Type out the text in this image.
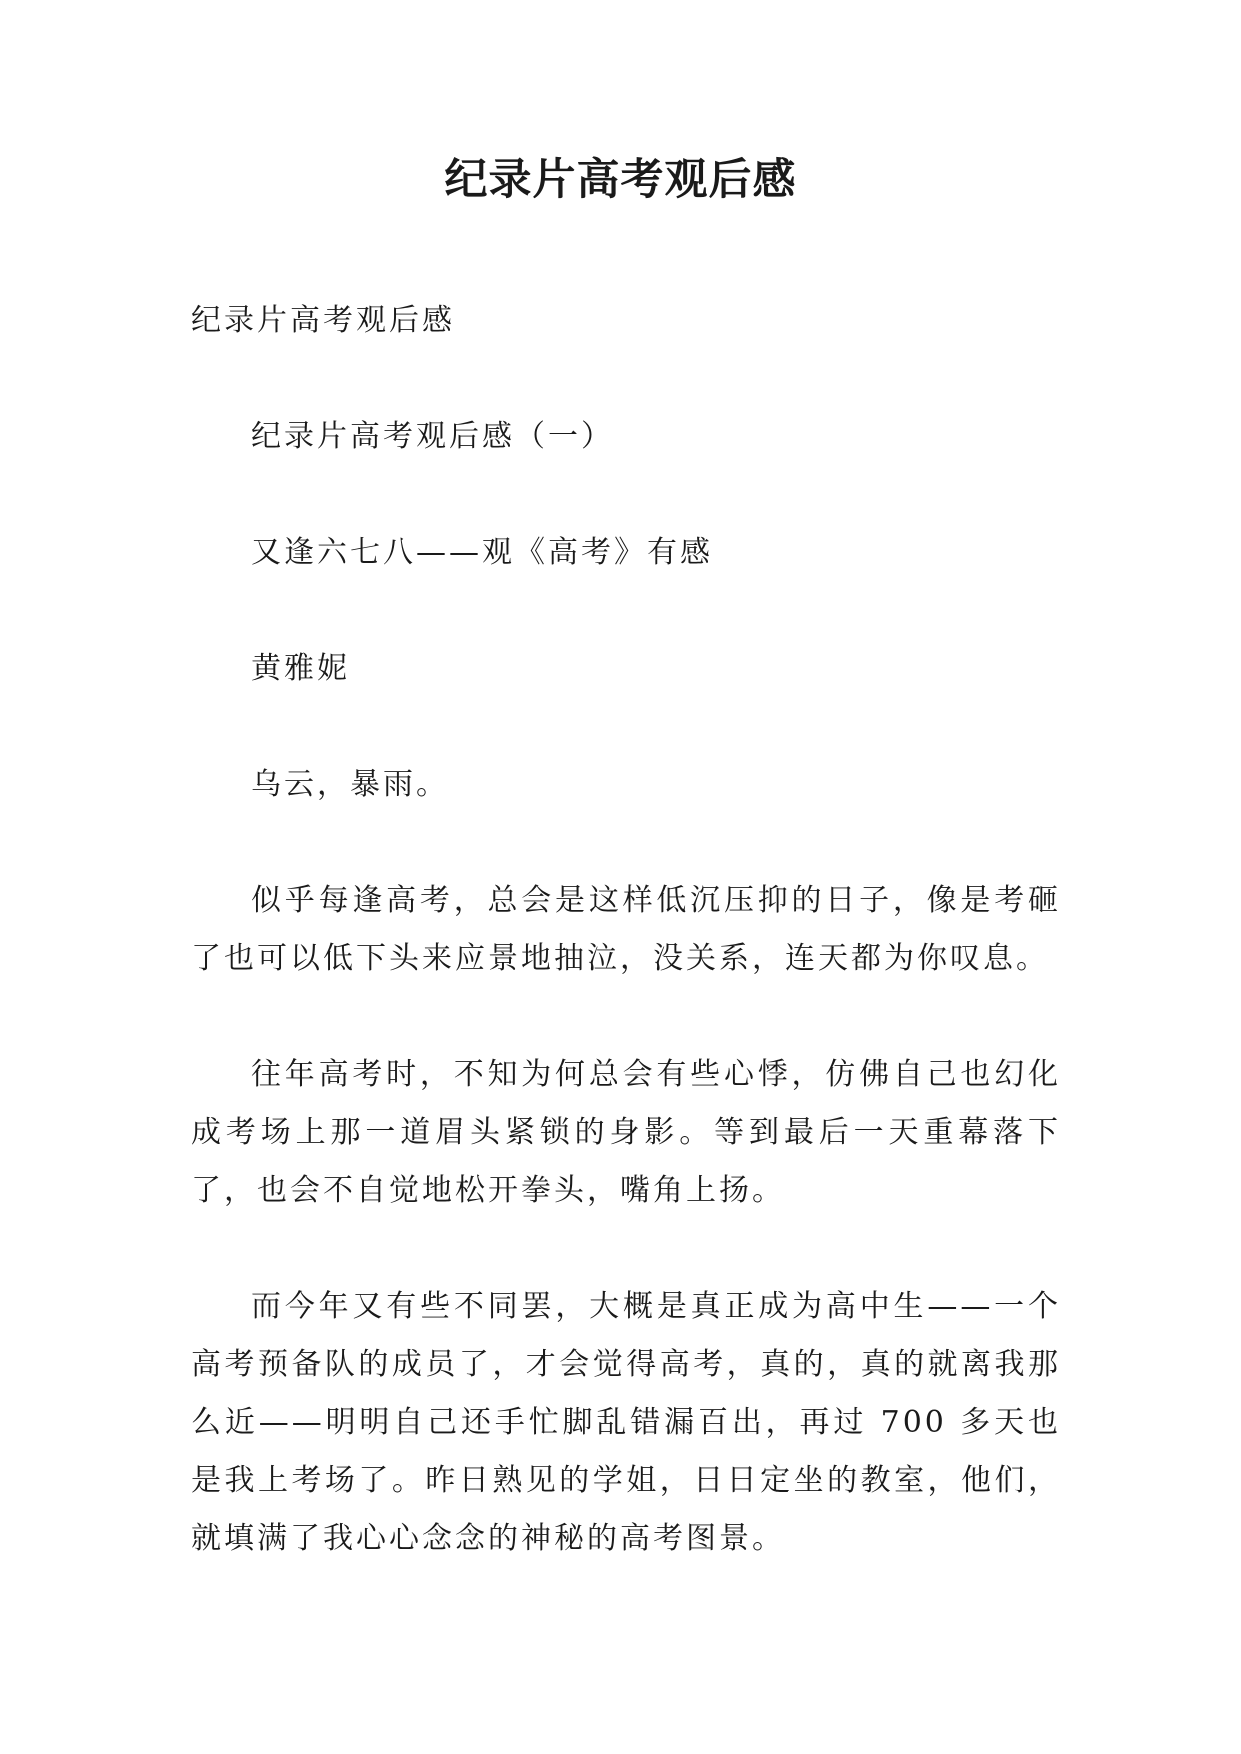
纪录片高考观后感

纪录片高考观后感

纪录片高考观后感（一）

又逢六七八——观《高考》有感

黄雅妮

乌云，暴雨。

似乎每逢高考，总会是这样低沉压抑的日子，像是考砸了也可以低下头来应景地抽泣，没关系，连天都为你叹息。

往年高考时，不知为何总会有些心悸，仿佛自己也幻化成考场上那一道眉头紧锁的身影。等到最后一天重幕落下了，也会不自觉地松开拳头，嘴角上扬。

而今年又有些不同罢，大概是真正成为高中生——一个高考预备队的成员了，才会觉得高考，真的，真的就离我那么近——明明自己还手忙脚乱错漏百出，再过 700 多天也是我上考场了。昨日熟见的学姐，日日定坐的教室，他们，就填满了我心心念念的神秘的高考图景。
